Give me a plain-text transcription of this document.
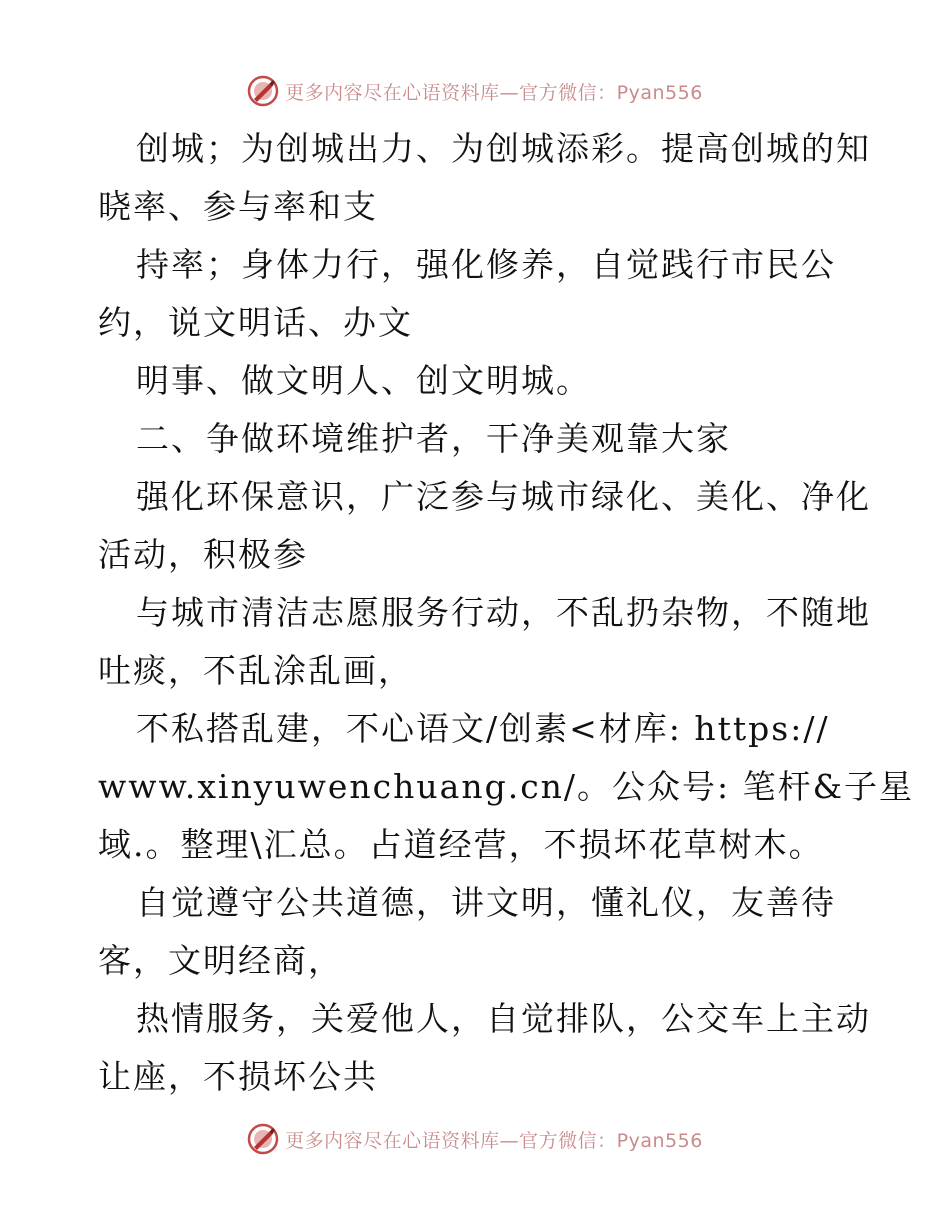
更多内容尽在心语资料库—官方微信：Pyan556
创城；为创城出力、为创城添彩。提高创城的知
晓率、参与率和支
持率；身体力行，强化修养，自觉践行市民公
约，说文明话、办文
明事、做文明人、创文明城。
二、争做环境维护者，干净美观靠大家
强化环保意识，广泛参与城市绿化、美化、净化
活动，积极参
与城市清洁志愿服务行动，不乱扔杂物，不随地
吐痰，不乱涂乱画，
不私搭乱建，不心语文/创素<材库: https://
www.xinyuwenchuang.cn/。公众号: 笔杆&子星
域.。整理\汇总。占道经营，不损坏花草树木。
自觉遵守公共道德，讲文明，懂礼仪，友善待
客，文明经商，
热情服务，关爱他人，自觉排队，公交车上主动
让座，不损坏公共
更多内容尽在心语资料库—官方微信：Pyan556
